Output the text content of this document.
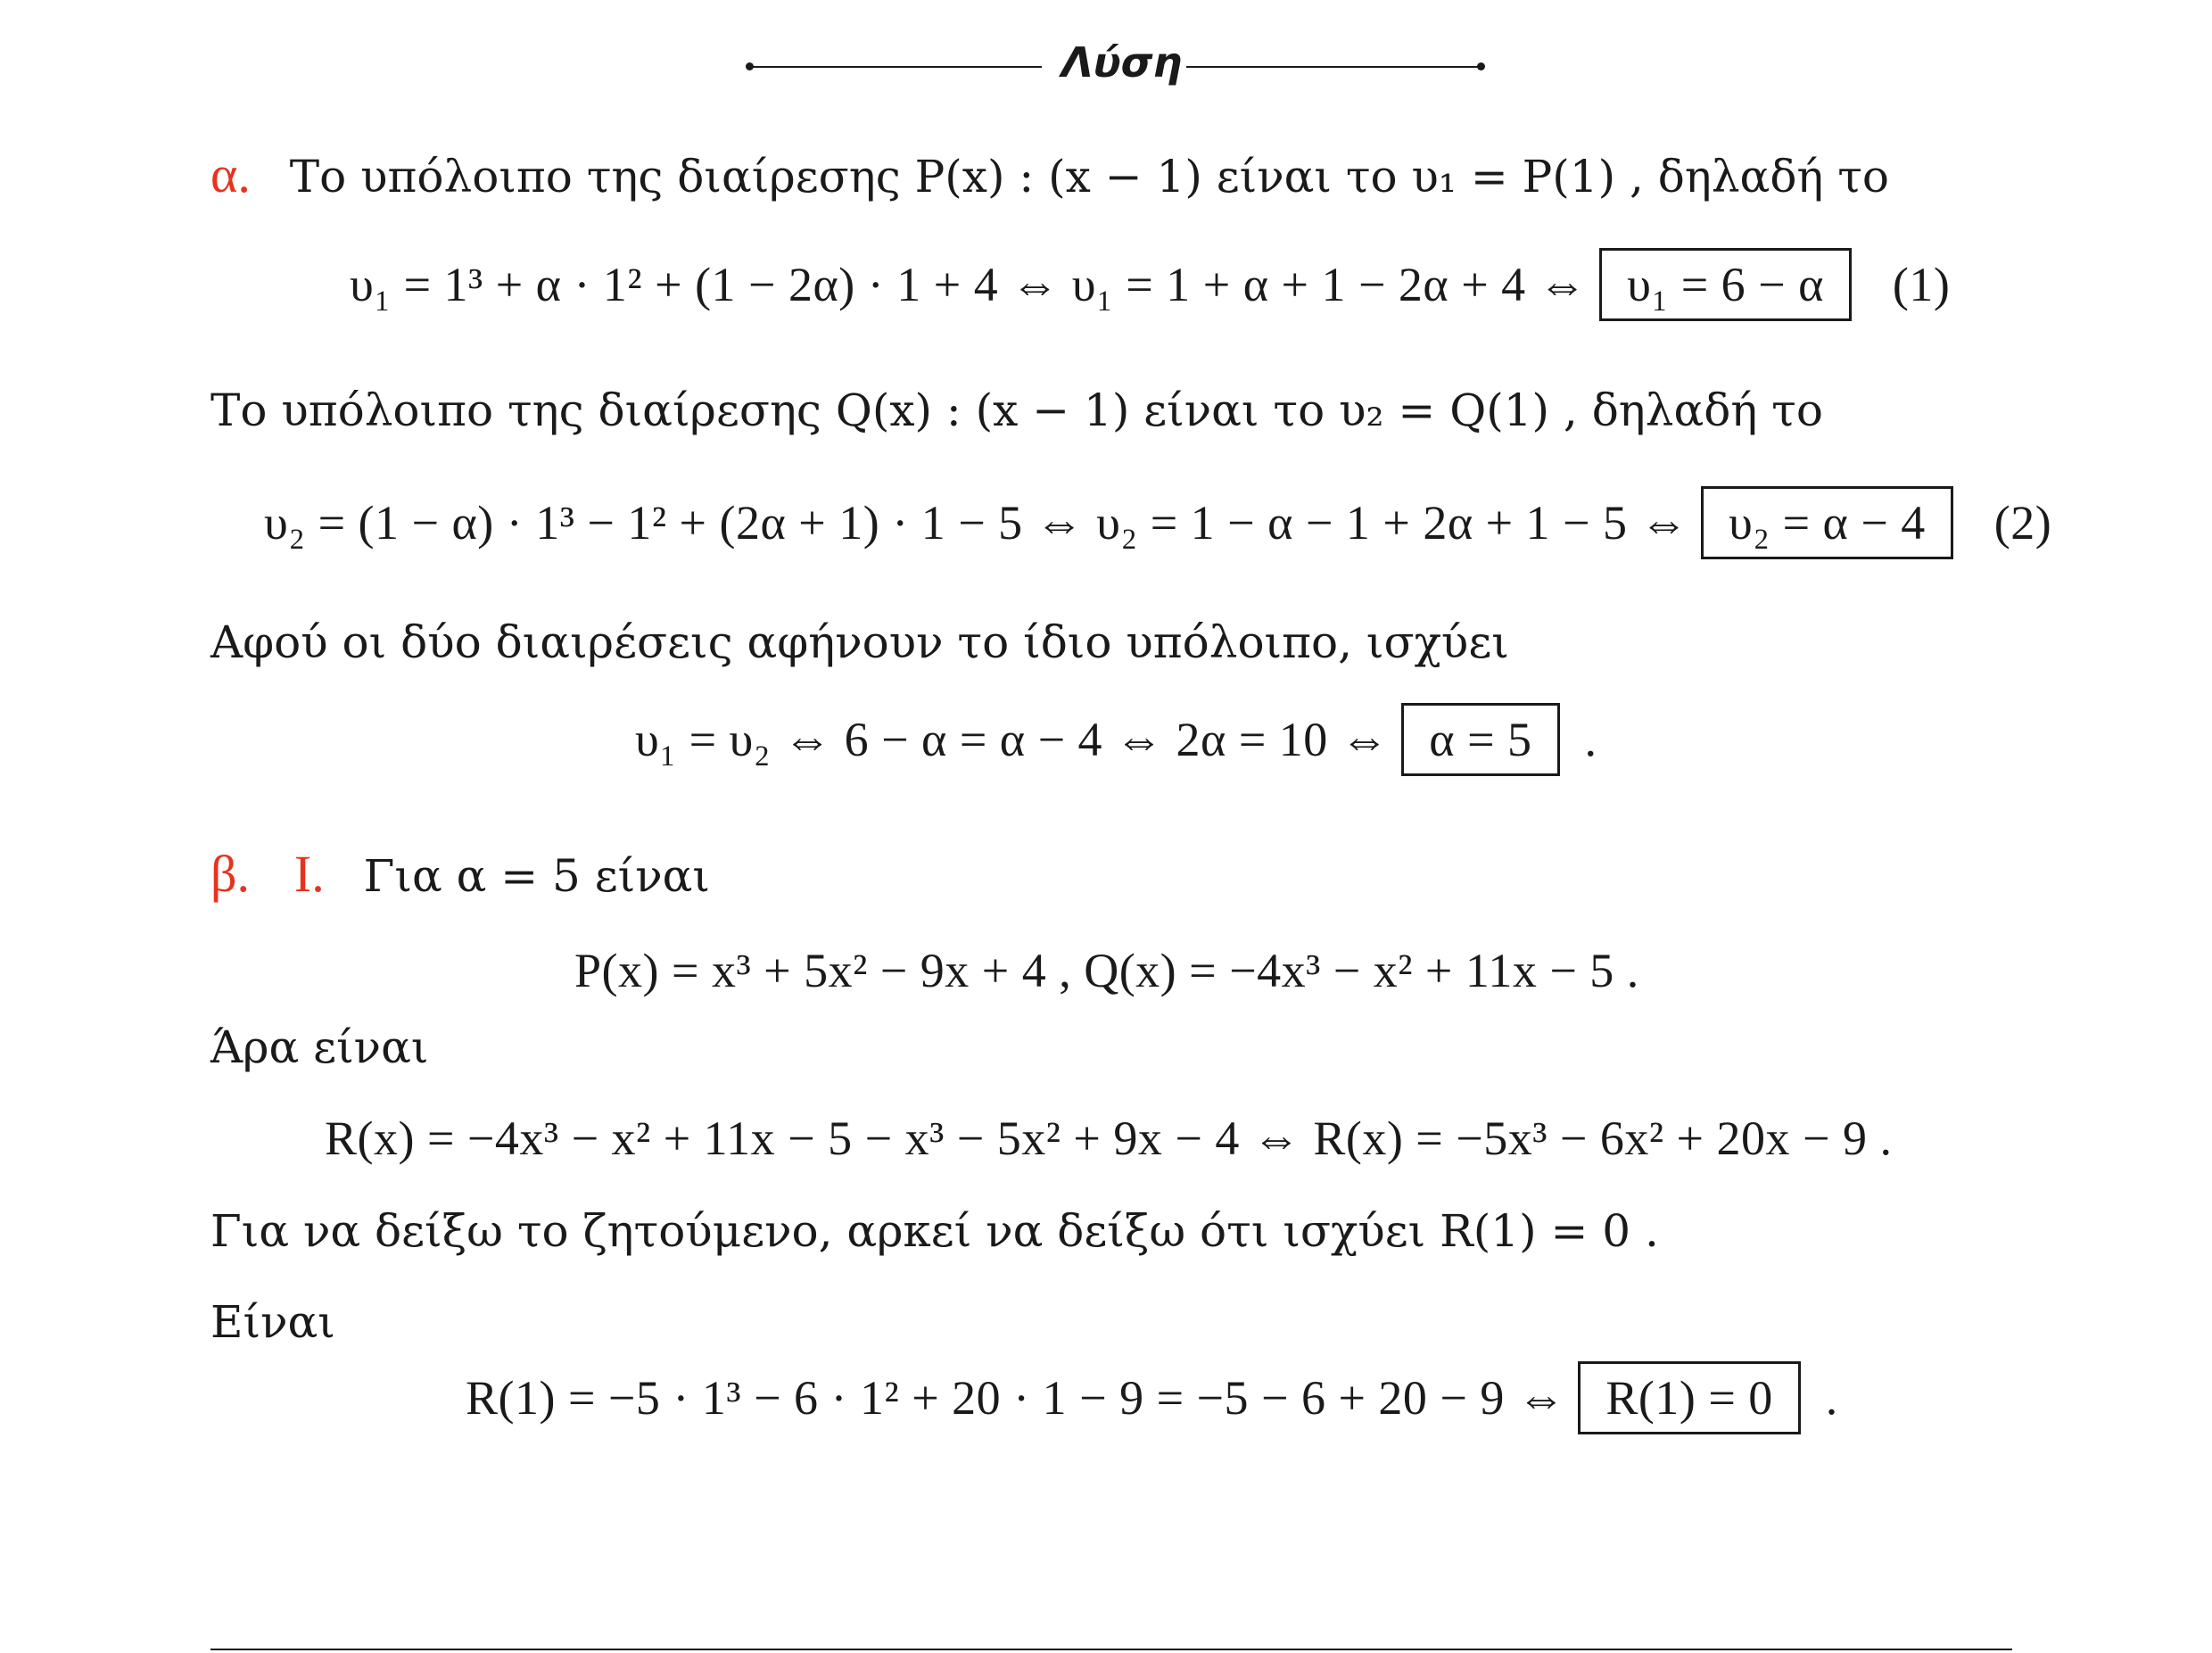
Λύση
α. Το υπόλοιπο της διαίρεσης P(x) : (x − 1) είναι το υ₁ = P(1) , δηλαδή το
υ₁ = 1³ + α · 1² + (1 − 2α) · 1 + 4 ⇔ υ₁ = 1 + α + 1 − 2α + 4 ⇔ υ₁ = 6 − α (1)
Το υπόλοιπο της διαίρεσης Q(x) : (x − 1) είναι το υ₂ = Q(1) , δηλαδή το
υ₂ = (1 − α) · 1³ − 1² + (2α + 1) · 1 − 5 ⇔ υ₂ = 1 − α − 1 + 2α + 1 − 5 ⇔ υ₂ = α − 4 (2)
Αφού οι δύο διαιρέσεις αφήνουν το ίδιο υπόλοιπο, ισχύει
υ₁ = υ₂ ⇔ 6 − α = α − 4 ⇔ 2α = 10 ⇔ α = 5 .
β. I. Για α = 5 είναι
P(x) = x³ + 5x² − 9x + 4 , Q(x) = −4x³ − x² + 11x − 5 .
Άρα είναι
R(x) = −4x³ − x² + 11x − 5 − x³ − 5x² + 9x − 4 ⇔ R(x) = −5x³ − 6x² + 20x − 9 .
Για να δείξω το ζητούμενο, αρκεί να δείξω ότι ισχύει R(1) = 0 .
Είναι
R(1) = −5 · 1³ − 6 · 1² + 20 · 1 − 9 = −5 − 6 + 20 − 9 ⇔ R(1) = 0 .
